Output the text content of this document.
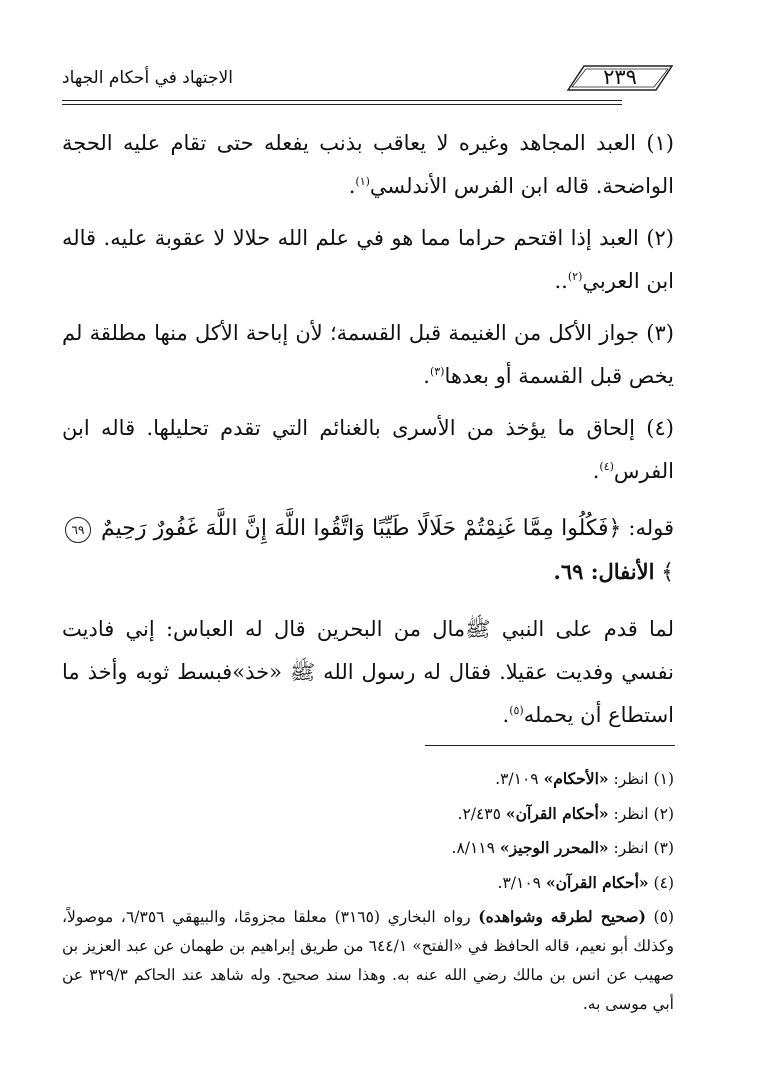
٢٣٩
الاجتهاد في أحكام الجهاد

(١) العبد المجاهد وغيره لا يعاقب بذنب يفعله حتى تقام عليه الحجة الواضحة. قاله ابن الفرس الأندلسي$^{(١)}$.

(٢) العبد إذا اقتحم حراما مما هو في علم الله حلالا لا عقوبة عليه. قاله ابن العربي$^{(٢)}$..

(٣) جواز الأكل من الغنيمة قبل القسمة؛ لأن إباحة الأكل منها مطلقة لم يخص قبل القسمة أو بعدها$^{(٣)}$.

(٤) إلحاق ما يؤخذ من الأسرى بالغنائم التي تقدم تحليلها. قاله ابن الفرس$^{(٤)}$.

قوله: ﴿فَكُلُوا مِمَّا غَنِمْتُمْ حَلَالًا طَيِّبًا وَاتَّقُوا اللَّهَ إِنَّ اللَّهَ غَفُورٌ رَحِيمٌ ٦٩﴾ الأنفال: ٦٩.

لما قدم على النبي ﷺمال من البحرين قال له العباس: إني فاديت نفسي وفديت عقيلا. فقال له رسول الله ﷺ «خذ»فبسط ثوبه وأخذ ما استطاع أن يحمله$^{(٥)}$.

(١) انظر: «الأحكام» ٣/١٠٩.

(٢) انظر: «أحكام القرآن» ٢/٤٣٥.

(٣) انظر: «المحرر الوجيز» ٨/١١٩.

(٤) «أحكام القرآن» ٣/١٠٩.

(٥) (صحيح لطرقه وشواهده) رواه البخاري (٣١٦٥) معلقا مجزومًا، والبيهقي ٦/٣٥٦، موصولاً، وكذلك أبو نعيم، قاله الحافظ في «الفتح» ٦٤٤/١ من طريق إبراهيم بن طهمان عن عبد العزيز بن صهيب عن انس بن مالك رضي الله عنه به. وهذا سند صحيح. وله شاهد عند الحاكم ٣٢٩/٣ عن أبي موسى به.
